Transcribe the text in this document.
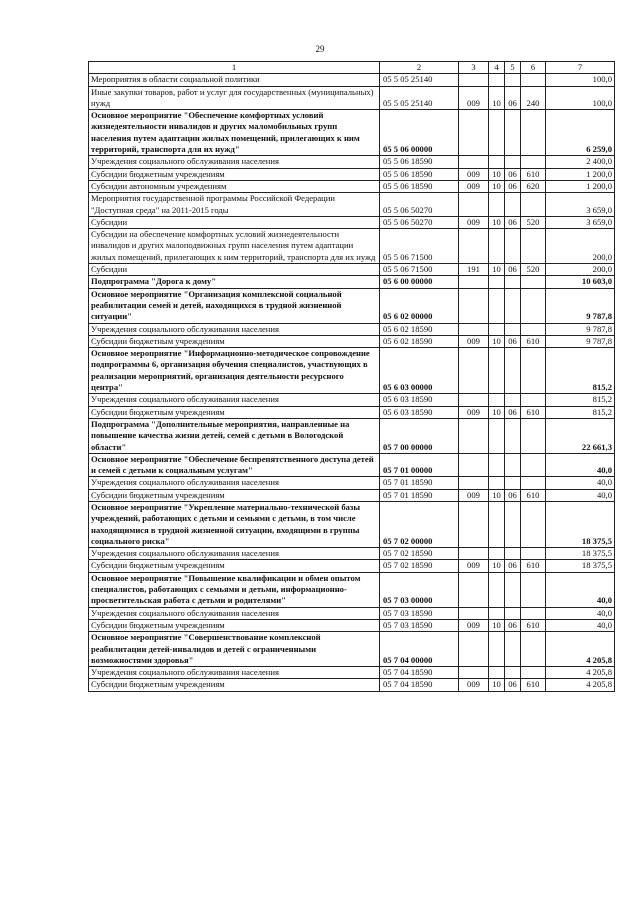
29
1	2	3	4	5	6	7
Мероприятия в области социальной политики	05 5 05 25140					100,0
Иные закупки товаров, работ и услуг для государственных (муниципальных) нужд	05 5 05 25140	009	10	06	240	100,0
Основное мероприятие "Обеспечение комфортных условий жизнедеятельности инвалидов и других маломобильных групп населения путем адаптации жилых помещений, прилегающих к ним территорий, транспорта для их нужд"	05 5 06 00000					6 259,0
Учреждения социального обслуживания населения	05 5 06 18590					2 400,0
Субсидии бюджетным учреждениям	05 5 06 18590	009	10	06	610	1 200,0
Субсидии автономным учреждениям	05 5 06 18590	009	10	06	620	1 200,0
Мероприятия государственной программы Российской Федерации "Доступная среда" на 2011-2015 годы	05 5 06 50270					3 659,0
Субсидии	05 5 06 50270	009	10	06	520	3 659,0
Субсидии на обеспечение комфортных условий жизнедеятельности инвалидов и других малоподвижных групп населения путем адаптации жилых помещений, прилегающих к ним территорий, транспорта для их нужд	05 5 06 71500					200,0
Субсидии	05 5 06 71500	191	10	06	520	200,0
Подпрограмма "Дорога к дому"	05 6 00 00000					10 603,0
Основное мероприятие "Организация комплексной социальной реабилитации семей и детей, находящихся в трудной жизненной ситуации"	05 6 02 00000					9 787,8
Учреждения социального обслуживания населения	05 6 02 18590					9 787,8
Субсидии бюджетным учреждениям	05 6 02 18590	009	10	06	610	9 787,8
Основное мероприятие "Информационно-методическое сопровождение подпрограммы 6, организация обучения специалистов, участвующих в реализации мероприятий, организация деятельности ресурсного центра"	05 6 03 00000					815,2
Учреждения социального обслуживания населения	05 6 03 18590					815,2
Субсидии бюджетным учреждениям	05 6 03 18590	009	10	06	610	815,2
Подпрограмма "Дополнительные мероприятия, направленные на повышение качества жизни детей, семей с детьми в Вологодской области"	05 7 00 00000					22 661,3
Основное мероприятие "Обеспечение беспрепятственного доступа детей и семей с детьми к социальным услугам"	05 7 01 00000					40,0
Учреждения социального обслуживания населения	05 7 01 18590					40,0
Субсидии бюджетным учреждениям	05 7 01 18590	009	10	06	610	40,0
Основное мероприятие "Укрепление материально-технической базы учреждений, работающих с детьми и семьями с детьми, в том числе находящимися в трудной жизненной ситуации, входящими в группы социального риска"	05 7 02 00000					18 375,5
Учреждения социального обслуживания населения	05 7 02 18590					18 375,5
Субсидии бюджетным учреждениям	05 7 02 18590	009	10	06	610	18 375,5
Основное мероприятие "Повышение квалификации и обмен опытом специалистов, работающих с семьями и детьми, информационно-просветительская работа с детьми и родителями"	05 7 03 00000					40,0
Учреждения социального обслуживания населения	05 7 03 18590					40,0
Субсидии бюджетным учреждениям	05 7 03 18590	009	10	06	610	40,0
Основное мероприятие "Совершенствование комплексной реабилитации детей-инвалидов и детей с ограниченными возможностями здоровья"	05 7 04 00000					4 205,8
Учреждения социального обслуживания населения	05 7 04 18590					4 205,8
Субсидии бюджетным учреждениям	05 7 04 18590	009	10	06	610	4 205,8
